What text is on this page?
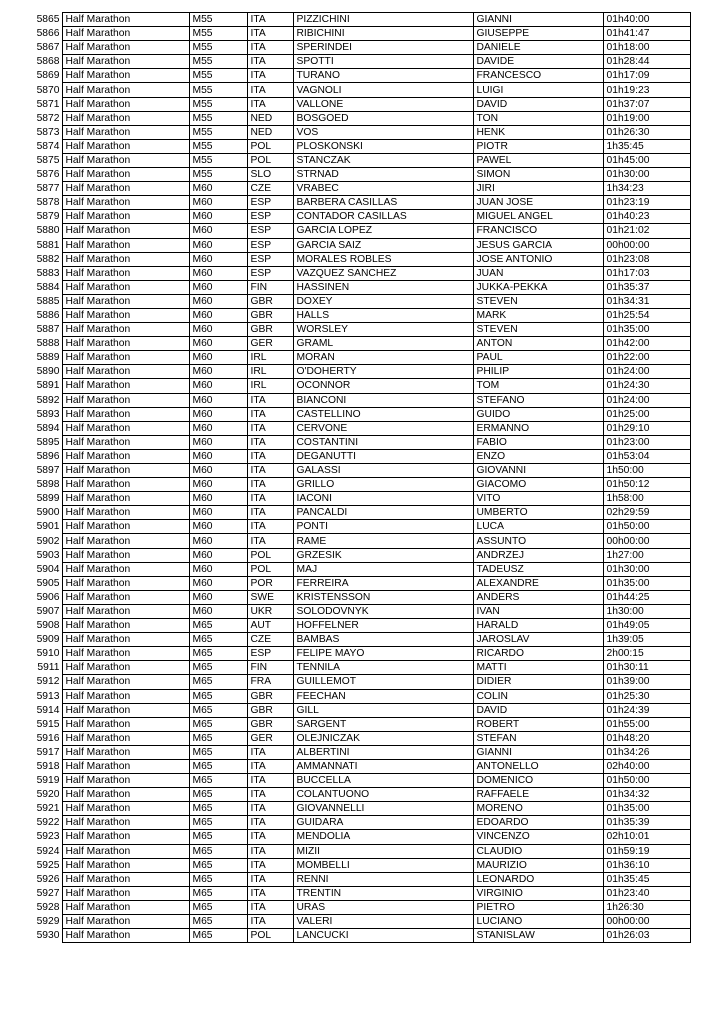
5865	Half Marathon	M55	ITA	PIZZICHINI	GIANNI	01h40:00
5866	Half Marathon	M55	ITA	RIBICHINI	GIUSEPPE	01h41:47
5867	Half Marathon	M55	ITA	SPERINDEI	DANIELE	01h18:00
5868	Half Marathon	M55	ITA	SPOTTI	DAVIDE	01h28:44
5869	Half Marathon	M55	ITA	TURANO	FRANCESCO	01h17:09
5870	Half Marathon	M55	ITA	VAGNOLI	LUIGI	01h19:23
5871	Half Marathon	M55	ITA	VALLONE	DAVID	01h37:07
5872	Half Marathon	M55	NED	BOSGOED	TON	01h19:00
5873	Half Marathon	M55	NED	VOS	HENK	01h26:30
5874	Half Marathon	M55	POL	PLOSKONSKI	PIOTR	1h35:45
5875	Half Marathon	M55	POL	STANCZAK	PAWEL	01h45:00
5876	Half Marathon	M55	SLO	STRNAD	SIMON	01h30:00
5877	Half Marathon	M60	CZE	VRABEC	JIRI	1h34:23
5878	Half Marathon	M60	ESP	BARBERA CASILLAS	JUAN JOSE	01h23:19
5879	Half Marathon	M60	ESP	CONTADOR CASILLAS	MIGUEL ANGEL	01h40:23
5880	Half Marathon	M60	ESP	GARCIA LOPEZ	FRANCISCO	01h21:02
5881	Half Marathon	M60	ESP	GARCIA SAIZ	JESUS GARCIA	00h00:00
5882	Half Marathon	M60	ESP	MORALES ROBLES	JOSE ANTONIO	01h23:08
5883	Half Marathon	M60	ESP	VAZQUEZ SANCHEZ	JUAN	01h17:03
5884	Half Marathon	M60	FIN	HASSINEN	JUKKA-PEKKA	01h35:37
5885	Half Marathon	M60	GBR	DOXEY	STEVEN	01h34:31
5886	Half Marathon	M60	GBR	HALLS	MARK	01h25:54
5887	Half Marathon	M60	GBR	WORSLEY	STEVEN	01h35:00
5888	Half Marathon	M60	GER	GRAML	ANTON	01h42:00
5889	Half Marathon	M60	IRL	MORAN	PAUL	01h22:00
5890	Half Marathon	M60	IRL	O'DOHERTY	PHILIP	01h24:00
5891	Half Marathon	M60	IRL	OCONNOR	TOM	01h24:30
5892	Half Marathon	M60	ITA	BIANCONI	STEFANO	01h24:00
5893	Half Marathon	M60	ITA	CASTELLINO	GUIDO	01h25:00
5894	Half Marathon	M60	ITA	CERVONE	ERMANNO	01h29:10
5895	Half Marathon	M60	ITA	COSTANTINI	FABIO	01h23:00
5896	Half Marathon	M60	ITA	DEGANUTTI	ENZO	01h53:04
5897	Half Marathon	M60	ITA	GALASSI	GIOVANNI	1h50:00
5898	Half Marathon	M60	ITA	GRILLO	GIACOMO	01h50:12
5899	Half Marathon	M60	ITA	IACONI	VITO	1h58:00
5900	Half Marathon	M60	ITA	PANCALDI	UMBERTO	02h29:59
5901	Half Marathon	M60	ITA	PONTI	LUCA	01h50:00
5902	Half Marathon	M60	ITA	RAME	ASSUNTO	00h00:00
5903	Half Marathon	M60	POL	GRZESIK	ANDRZEJ	1h27:00
5904	Half Marathon	M60	POL	MAJ	TADEUSZ	01h30:00
5905	Half Marathon	M60	POR	FERREIRA	ALEXANDRE	01h35:00
5906	Half Marathon	M60	SWE	KRISTENSSON	ANDERS	01h44:25
5907	Half Marathon	M60	UKR	SOLODOVNYK	IVAN	1h30:00
5908	Half Marathon	M65	AUT	HOFFELNER	HARALD	01h49:05
5909	Half Marathon	M65	CZE	BAMBAS	JAROSLAV	1h39:05
5910	Half Marathon	M65	ESP	FELIPE MAYO	RICARDO	2h00:15
5911	Half Marathon	M65	FIN	TENNILA	MATTI	01h30:11
5912	Half Marathon	M65	FRA	GUILLEMOT	DIDIER	01h39:00
5913	Half Marathon	M65	GBR	FEECHAN	COLIN	01h25:30
5914	Half Marathon	M65	GBR	GILL	DAVID	01h24:39
5915	Half Marathon	M65	GBR	SARGENT	ROBERT	01h55:00
5916	Half Marathon	M65	GER	OLEJNICZAK	STEFAN	01h48:20
5917	Half Marathon	M65	ITA	ALBERTINI	GIANNI	01h34:26
5918	Half Marathon	M65	ITA	AMMANNATI	ANTONELLO	02h40:00
5919	Half Marathon	M65	ITA	BUCCELLA	DOMENICO	01h50:00
5920	Half Marathon	M65	ITA	COLANTUONO	RAFFAELE	01h34:32
5921	Half Marathon	M65	ITA	GIOVANNELLI	MORENO	01h35:00
5922	Half Marathon	M65	ITA	GUIDARA	EDOARDO	01h35:39
5923	Half Marathon	M65	ITA	MENDOLIA	VINCENZO	02h10:01
5924	Half Marathon	M65	ITA	MIZII	CLAUDIO	01h59:19
5925	Half Marathon	M65	ITA	MOMBELLI	MAURIZIO	01h36:10
5926	Half Marathon	M65	ITA	RENNI	LEONARDO	01h35:45
5927	Half Marathon	M65	ITA	TRENTIN	VIRGINIO	01h23:40
5928	Half Marathon	M65	ITA	URAS	PIETRO	1h26:30
5929	Half Marathon	M65	ITA	VALERI	LUCIANO	00h00:00
5930	Half Marathon	M65	POL	LANCUCKI	STANISLAW	01h26:03
